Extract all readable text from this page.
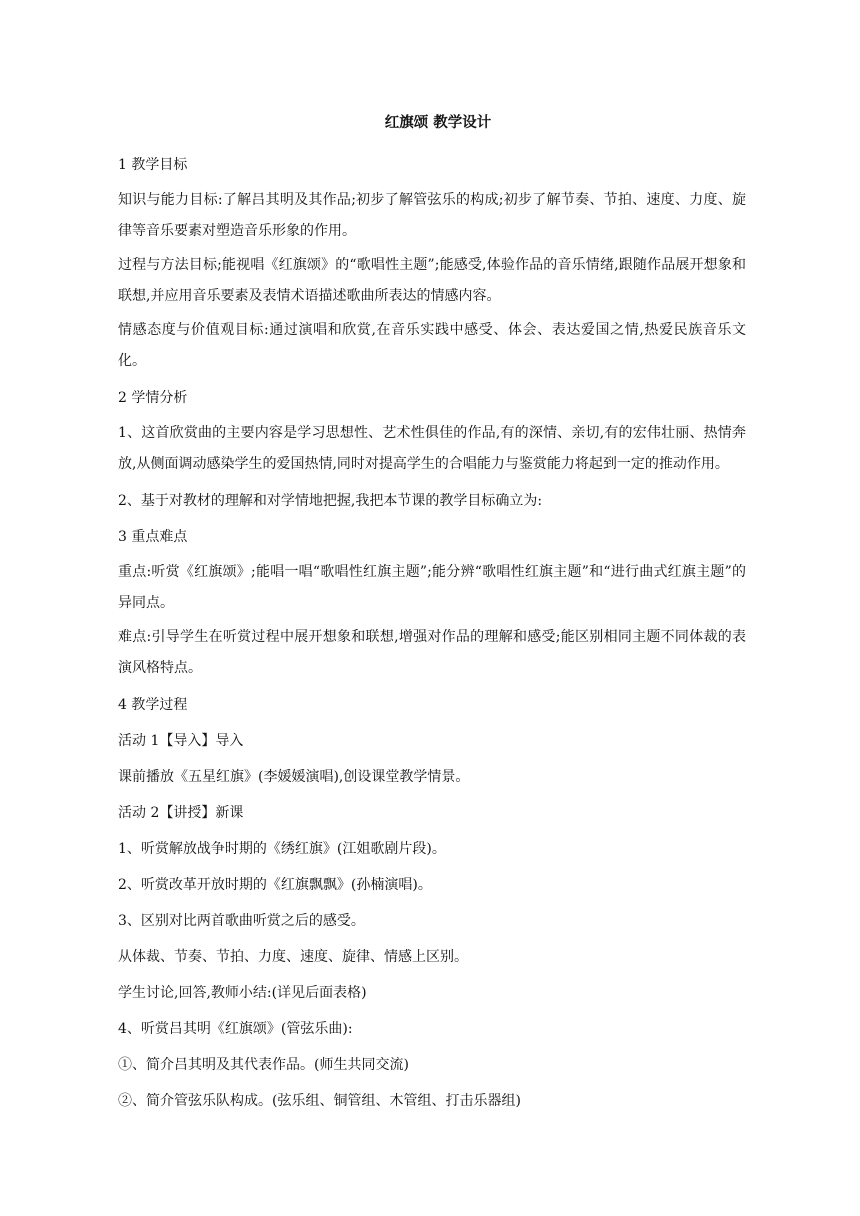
红旗颂 教学设计

1 教学目标

知识与能力目标:了解吕其明及其作品;初步了解管弦乐的构成;初步了解节奏、节拍、速度、力度、旋律等音乐要素对塑造音乐形象的作用。

过程与方法目标;能视唱《红旗颂》的“歌唱性主题”;能感受,体验作品的音乐情绪,跟随作品展开想象和联想,并应用音乐要素及表情术语描述歌曲所表达的情感内容。

情感态度与价值观目标:通过演唱和欣赏,在音乐实践中感受、体会、表达爱国之情,热爱民族音乐文化。

2 学情分析

1、这首欣赏曲的主要内容是学习思想性、艺术性俱佳的作品,有的深情、亲切,有的宏伟壮丽、热情奔放,从侧面调动感染学生的爱国热情,同时对提高学生的合唱能力与鉴赏能力将起到一定的推动作用。

2、基于对教材的理解和对学情地把握,我把本节课的教学目标确立为:

3 重点难点

重点:听赏《红旗颂》;能唱一唱“歌唱性红旗主题”;能分辨“歌唱性红旗主题”和“进行曲式红旗主题”的异同点。

难点:引导学生在听赏过程中展开想象和联想,增强对作品的理解和感受;能区别相同主题不同体裁的表演风格特点。

4 教学过程

活动 1【导入】导入

课前播放《五星红旗》(李媛媛演唱),创设课堂教学情景。

活动 2【讲授】新课

1、听赏解放战争时期的《绣红旗》(江姐歌剧片段)。

2、听赏改革开放时期的《红旗飘飘》(孙楠演唱)。

3、区别对比两首歌曲听赏之后的感受。

从体裁、节奏、节拍、力度、速度、旋律、情感上区别。

学生讨论,回答,教师小结:(详见后面表格)

4、听赏吕其明《红旗颂》(管弦乐曲):

①、简介吕其明及其代表作品。(师生共同交流)

②、简介管弦乐队构成。(弦乐组、铜管组、木管组、打击乐器组)
